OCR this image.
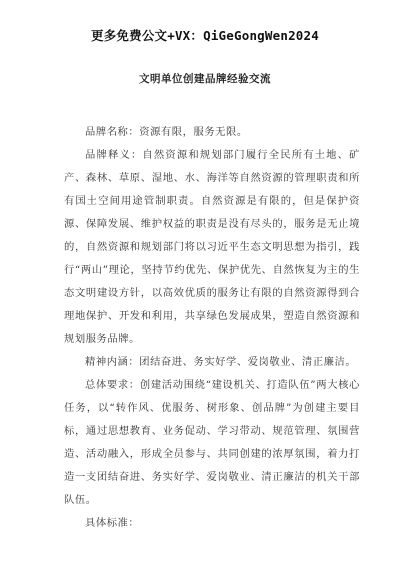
更多免费公文+VX：QiGeGongWen2024
文明单位创建品牌经验交流

品牌名称：资源有限，服务无限。

品牌释义：自然资源和规划部门履行全民所有土地、矿产、森林、草原、湿地、水、海洋等自然资源的管理职责和所有国土空间用途管制职责。自然资源是有限的，但是保护资源、保障发展、维护权益的职责是没有尽头的，服务是无止境的，自然资源和规划部门将以习近平生态文明思想为指引，践行“两山”理论，坚持节约优先、保护优先、自然恢复为主的生态文明建设方针，以高效优质的服务让有限的自然资源得到合理地保护、开发和利用，共享绿色发展成果，塑造自然资源和规划服务品牌。

精神内涵：团结奋进、务实好学、爱岗敬业、清正廉洁。

总体要求：创建活动围绕“建设机关、打造队伍”两大核心任务，以“转作风、优服务、树形象、创品牌”为创建主要目标，通过思想教育、业务促动、学习带动、规范管理、氛围营造、活动融入，形成全员参与、共同创建的浓厚氛围，着力打造一支团结奋进、务实好学、爱岗敬业、清正廉洁的机关干部队伍。

具体标准：
